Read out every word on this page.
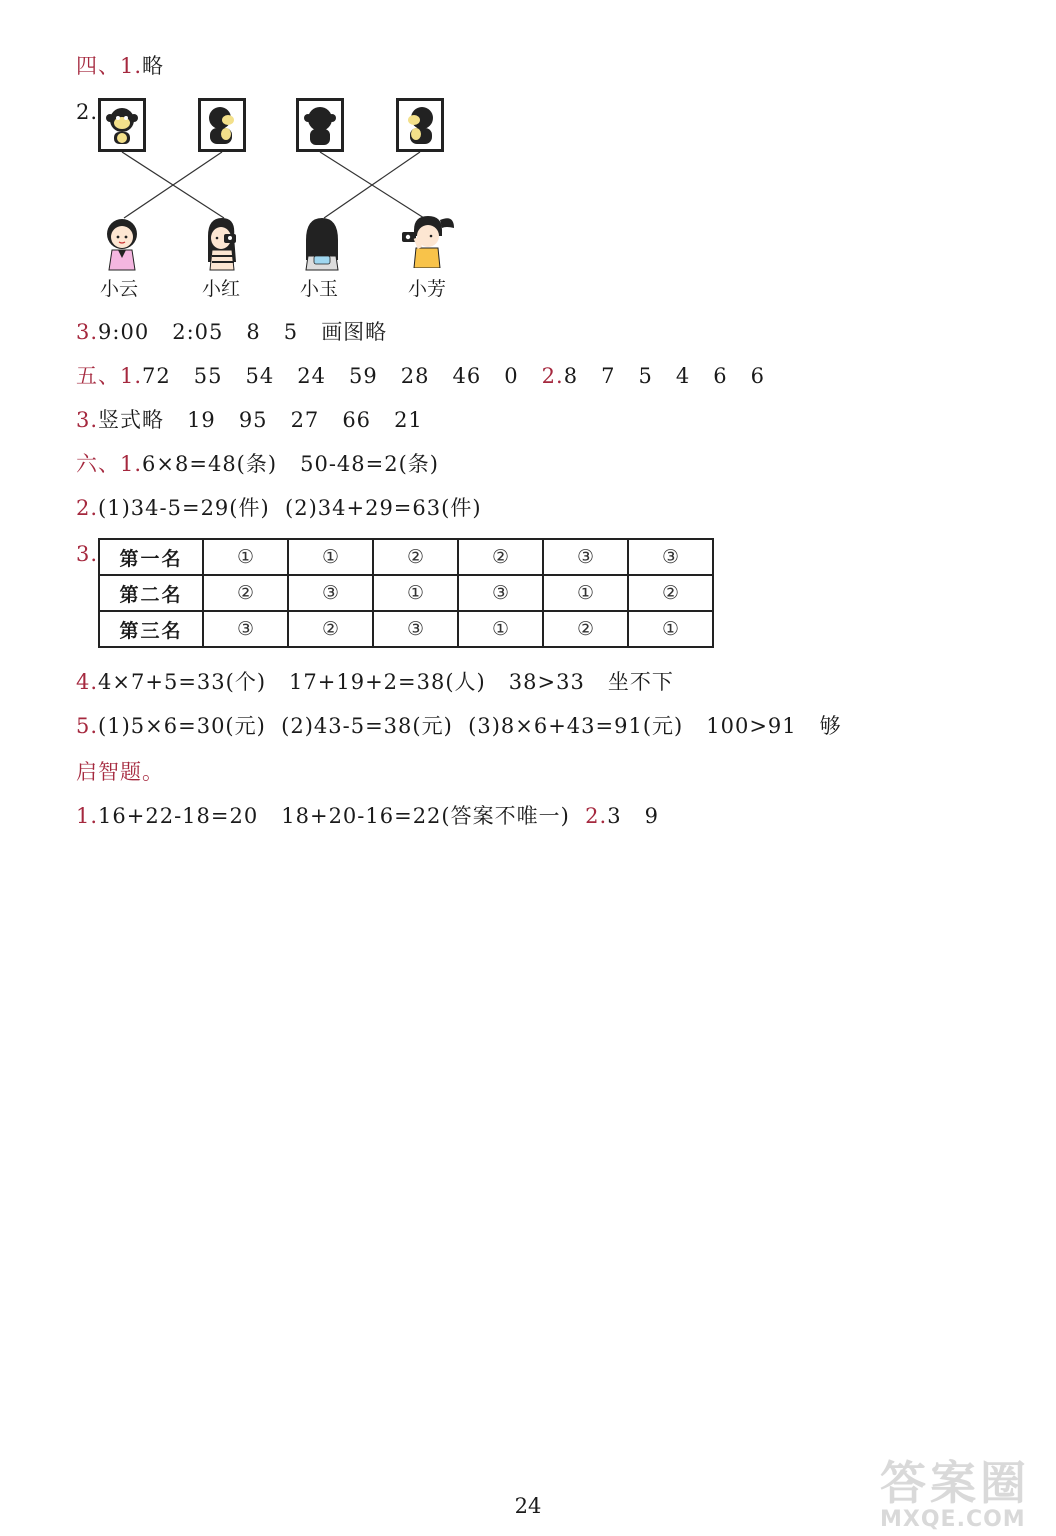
四、1.略
2.
小云	小红	小玉	小芳
3.9:00   2:05   8   5   画图略
五、1.72   55   54   24   59   28   46   0   2.8   7   5   4   6   6
3.竖式略   19   95   27   66   21
六、1.6×8=48(条)   50-48=2(条)
2.(1)34-5=29(件)  (2)34+29=63(件)
3. 第一名	①	①	②	②	③	③
第二名	②	③	①	③	①	②
第三名	③	②	③	①	②	①
4.4×7+5=33(个)   17+19+2=38(人)   38>33   坐不下
5.(1)5×6=30(元)  (2)43-5=38(元)  (3)8×6+43=91(元)   100>91   够
启智题。
1.16+22-18=20   18+20-16=22(答案不唯一)  2.3   9
24	答案圈
MXQE.COM
